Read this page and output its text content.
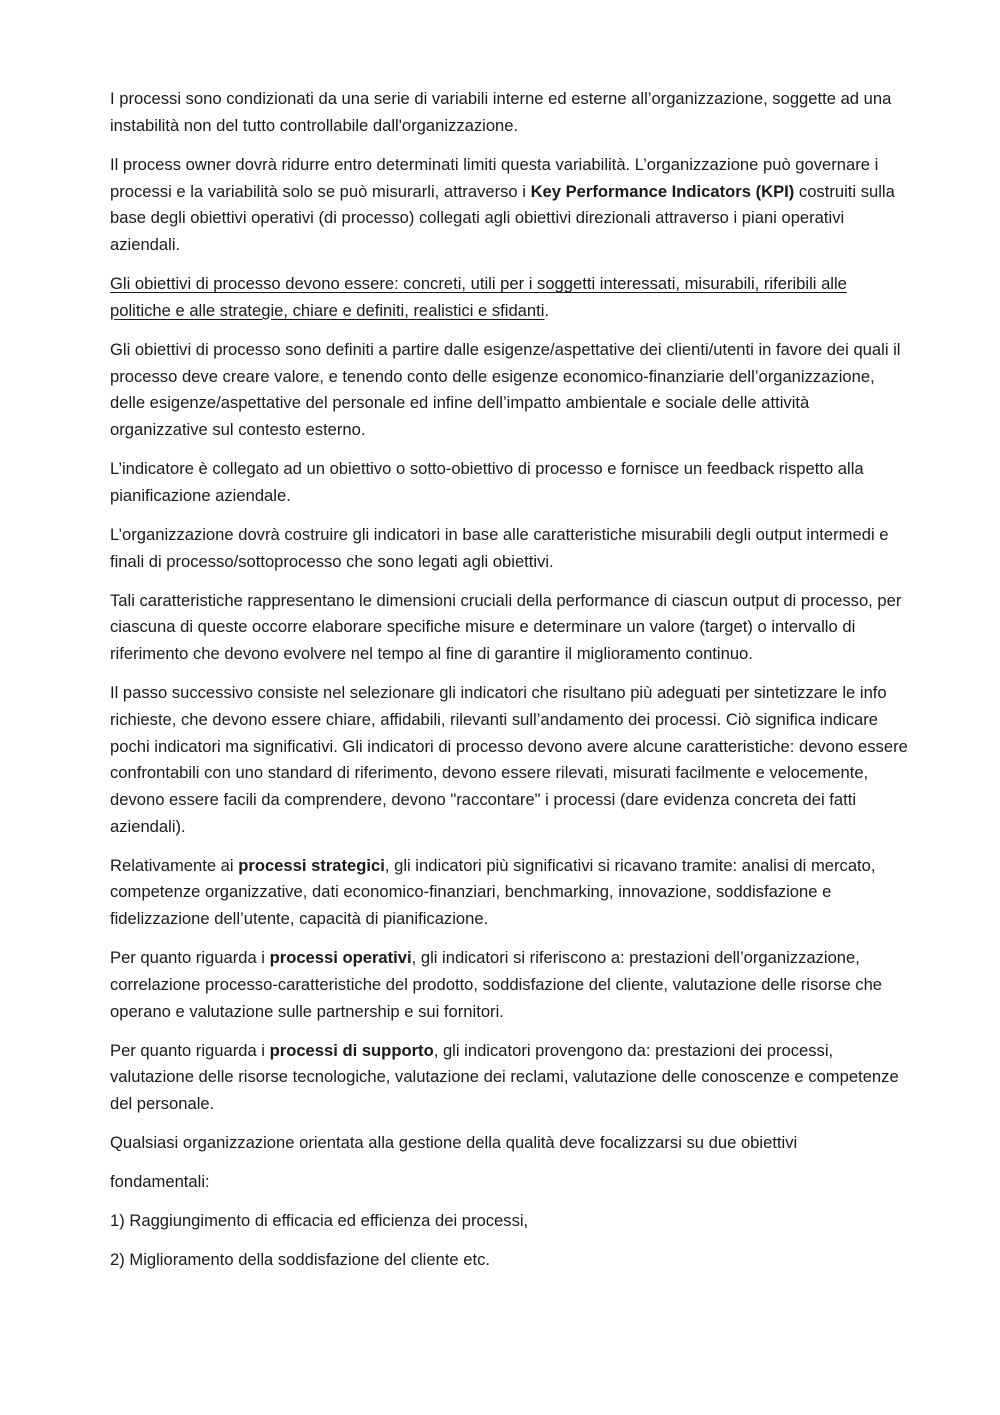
I processi sono condizionati da una serie di variabili interne ed esterne all’organizzazione, soggette ad una instabilità non del tutto controllabile dall'organizzazione.

Il process owner dovrà ridurre entro determinati limiti questa variabilità. L’organizzazione può governare i processi e la variabilità solo se può misurarli, attraverso i Key Performance Indicators (KPI) costruiti sulla base degli obiettivi operativi (di processo) collegati agli obiettivi direzionali attraverso i piani operativi aziendali.

Gli obiettivi di processo devono essere: concreti, utili per i soggetti interessati, misurabili, riferibili alle politiche e alle strategie, chiare e definiti, realistici e sfidanti.

Gli obiettivi di processo sono definiti a partire dalle esigenze/aspettative dei clienti/utenti in favore dei quali il processo deve creare valore, e tenendo conto delle esigenze economico-finanziarie dell’organizzazione, delle esigenze/aspettative del personale ed infine dell’impatto ambientale e sociale delle attività organizzative sul contesto esterno.

L’indicatore è collegato ad un obiettivo o sotto-obiettivo di processo e fornisce un feedback rispetto alla pianificazione aziendale.

L’organizzazione dovrà costruire gli indicatori in base alle caratteristiche misurabili degli output intermedi e finali di processo/sottoprocesso che sono legati agli obiettivi.

Tali caratteristiche rappresentano le dimensioni cruciali della performance di ciascun output di processo, per ciascuna di queste occorre elaborare specifiche misure e determinare un valore (target) o intervallo di riferimento che devono evolvere nel tempo al fine di garantire il miglioramento continuo.

Il passo successivo consiste nel selezionare gli indicatori che risultano più adeguati per sintetizzare le info richieste, che devono essere chiare, affidabili, rilevanti sull’andamento dei processi. Ciò significa indicare pochi indicatori ma significativi. Gli indicatori di processo devono avere alcune caratteristiche: devono essere confrontabili con uno standard di riferimento, devono essere rilevati, misurati facilmente e velocemente, devono essere facili da comprendere, devono "raccontare" i processi (dare evidenza concreta dei fatti aziendali).

Relativamente ai processi strategici, gli indicatori più significativi si ricavano tramite: analisi di mercato, competenze organizzative, dati economico-finanziari, benchmarking, innovazione, soddisfazione e fidelizzazione dell’utente, capacità di pianificazione.

Per quanto riguarda i processi operativi, gli indicatori si riferiscono a: prestazioni dell’organizzazione, correlazione processo-caratteristiche del prodotto, soddisfazione del cliente, valutazione delle risorse che operano e valutazione sulle partnership e sui fornitori.

Per quanto riguarda i processi di supporto, gli indicatori provengono da: prestazioni dei processi, valutazione delle risorse tecnologiche, valutazione dei reclami, valutazione delle conoscenze e competenze del personale.

Qualsiasi organizzazione orientata alla gestione della qualità deve focalizzarsi su due obiettivi

fondamentali:

1) Raggiungimento di efficacia ed efficienza dei processi,

2) Miglioramento della soddisfazione del cliente etc.
